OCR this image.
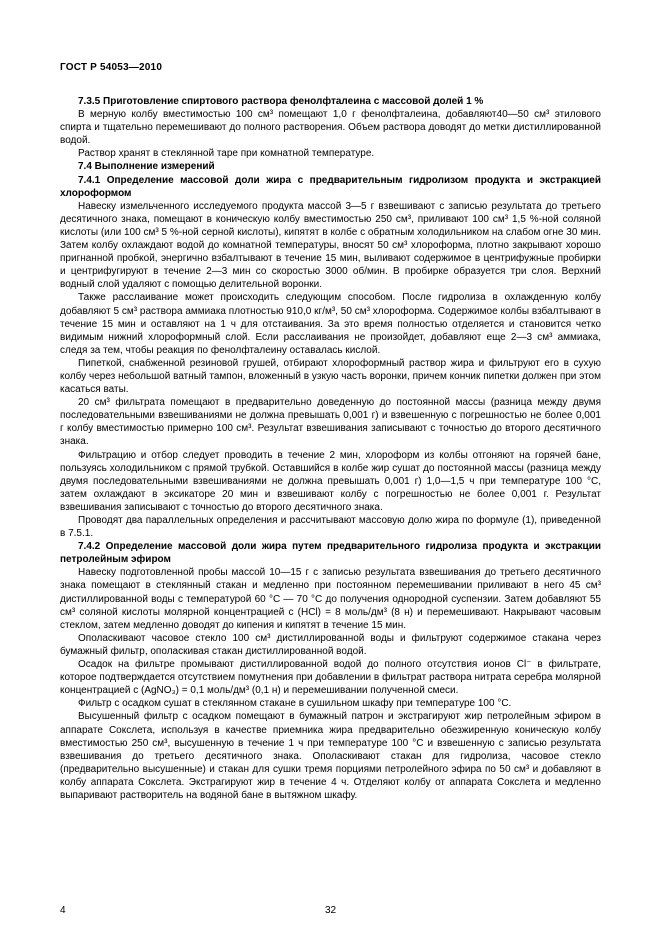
ГОСТ Р 54053—2010

7.3.5 Приготовление спиртового раствора фенолфталеина с массовой долей 1 %

В мерную колбу вместимостью 100 см³ помещают 1,0 г фенолфталеина, добавляют40—50 см³ этилового спирта и тщательно перемешивают до полного растворения. Объем раствора доводят до метки дистиллированной водой.

Раствор хранят в стеклянной таре при комнатной температуре.

7.4 Выполнение измерений

7.4.1 Определение массовой доли жира с предварительным гидролизом продукта и экстракцией хлороформом

Навеску измельченного исследуемого продукта массой 3—5 г взвешивают с записью результата до третьего десятичного знака, помещают в коническую колбу вместимостью 250 см³, приливают 100 см³ 1,5 %-ной соляной кислоты (или 100 см³ 5 %-ной серной кислоты), кипятят в колбе с обратным холодильником на слабом огне 30 мин. Затем колбу охлаждают водой до комнатной температуры, вносят 50 см³ хлороформа, плотно закрывают хорошо пригнанной пробкой, энергично взбалтывают в течение 15 мин, выливают содержимое в центрифужные пробирки и центрифугируют в течение 2—3 мин со скоростью 3000 об/мин. В пробирке образуется три слоя. Верхний водный слой удаляют с помощью делительной воронки.

Также расслаивание может происходить следующим способом. После гидролиза в охлажденную колбу добавляют 5 см³ раствора аммиака плотностью 910,0 кг/м³, 50 см³ хлороформа. Содержимое колбы взбалтывают в течение 15 мин и оставляют на 1 ч для отстаивания. За это время полностью отделяется и становится четко видимым нижний хлороформный слой. Если расслаивания не произойдет, добавляют еще 2—3 см³ аммиака, следя за тем, чтобы реакция по фенолфталеину оставалась кислой.

Пипеткой, снабженной резиновой грушей, отбирают хлороформный раствор жира и фильтруют его в сухую колбу через небольшой ватный тампон, вложенный в узкую часть воронки, причем кончик пипетки должен при этом касаться ваты.

20 см³ фильтрата помещают в предварительно доведенную до постоянной массы (разница между двумя последовательными взвешиваниями не должна превышать 0,001 г) и взвешенную с погрешностью не более 0,001 г колбу вместимостью примерно 100 см³. Результат взвешивания записывают с точностью до второго десятичного знака.

Фильтрацию и отбор следует проводить в течение 2 мин, хлороформ из колбы отгоняют на горячей бане, пользуясь холодильником с прямой трубкой. Оставшийся в колбе жир сушат до постоянной массы (разница между двумя последовательными взвешиваниями не должна превышать 0,001 г) 1,0—1,5 ч при температуре 100 °С, затем охлаждают в эксикаторе 20 мин и взвешивают колбу с погрешностью не более 0,001 г. Результат взвешивания записывают с точностью до второго десятичного знака.

Проводят два параллельных определения и рассчитывают массовую долю жира по формуле (1), приведенной в 7.5.1.

7.4.2 Определение массовой доли жира путем предварительного гидролиза продукта и экстракции петролейным эфиром

Навеску подготовленной пробы массой 10—15 г с записью результата взвешивания до третьего десятичного знака помещают в стеклянный стакан и медленно при постоянном перемешивании приливают в него 45 см³ дистиллированной воды с температурой 60 °С — 70 °С до получения однородной суспензии. Затем добавляют 55 см³ соляной кислоты молярной концентрацией с (HCl) = 8 моль/дм³ (8 н) и перемешивают. Накрывают часовым стеклом, затем медленно доводят до кипения и кипятят в течение 15 мин.

Ополаскивают часовое стекло 100 см³ дистиллированной воды и фильтруют содержимое стакана через бумажный фильтр, ополаскивая стакан дистиллированной водой.

Осадок на фильтре промывают дистиллированной водой до полного отсутствия ионов Cl⁻ в фильтрате, которое подтверждается отсутствием помутнения при добавлении в фильтрат раствора нитрата серебра молярной концентрацией с (AgNO₃) = 0,1 моль/дм³ (0,1 н) и перемешивании полученной смеси.

Фильтр с осадком сушат в стеклянном стакане в сушильном шкафу при температуре 100 °С.

Высушенный фильтр с осадком помещают в бумажный патрон и экстрагируют жир петролейным эфиром в аппарате Сокслета, используя в качестве приемника жира предварительно обезжиренную коническую колбу вместимостью 250 см³, высушенную в течение 1 ч при температуре 100 °С и взвешенную с записью результата взвешивания до третьего десятичного знака. Ополаскивают стакан для гидролиза, часовое стекло (предварительно высушенные) и стакан для сушки тремя порциями петролейного эфира по 50 см³ и добавляют в колбу аппарата Сокслета. Экстрагируют жир в течение 4 ч. Отделяют колбу от аппарата Сокслета и медленно выпаривают растворитель на водяной бане в вытяжном шкафу.

4	32
